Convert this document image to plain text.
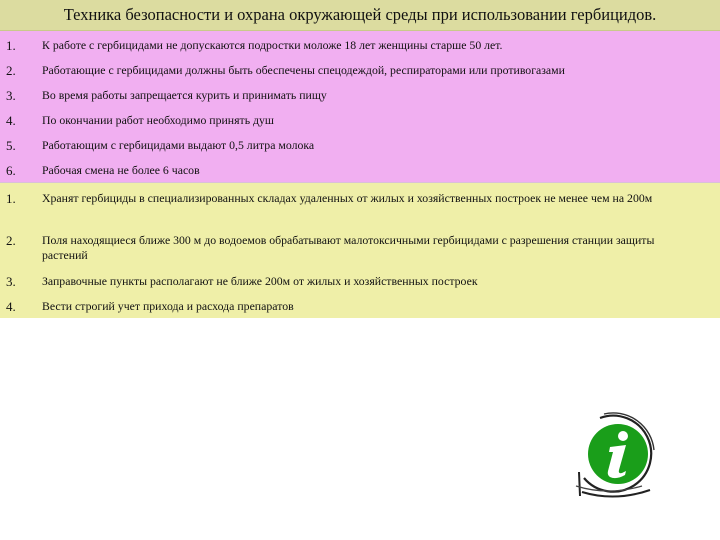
Техника безопасности и охрана окружающей среды при использовании гербицидов.
1. К работе с гербицидами не допускаются подростки моложе 18 лет женщины старше 50 лет.
2. Работающие с гербицидами должны быть обеспечены спецодеждой, респираторами или противогазами
3. Во время работы запрещается курить и принимать пищу
4. По окончании работ необходимо принять душ
5. Работающим с гербицидами выдают 0,5 литра молока
6. Рабочая смена не более 6 часов
1. Хранят гербициды в специализированных складах удаленных от жилых и хозяйственных построек не менее чем на 200м
2. Поля находящиеся ближе 300 м до водоемов обрабатывают малотоксичными гербицидами с разрешения станции защиты растений
3. Заправочные пункты располагают не ближе 200м от жилых и хозяйственных построек
4. Вести строгий учет прихода и расхода препаратов
